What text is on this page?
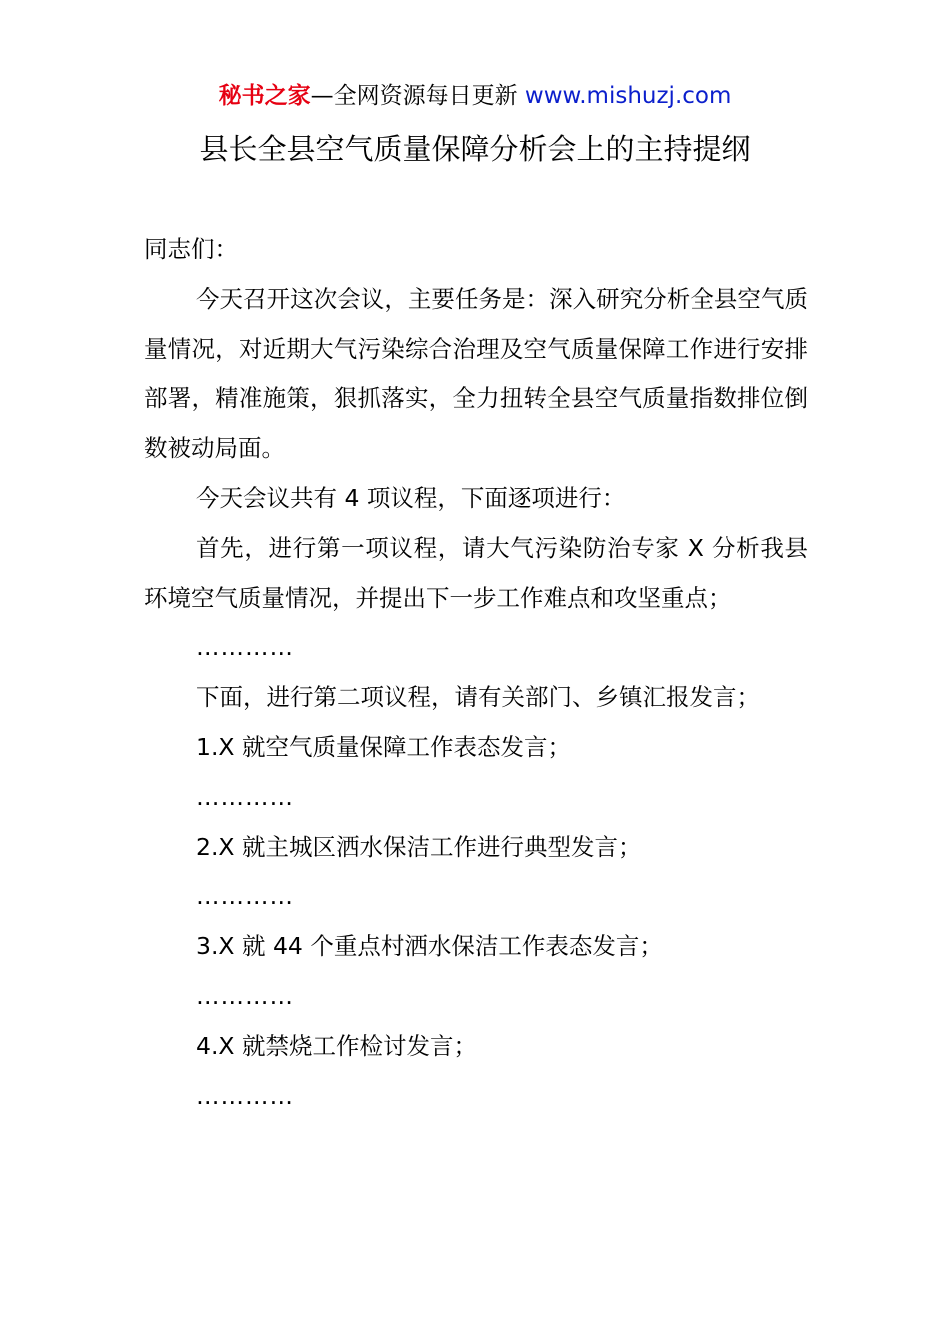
秘书之家—全网资源每日更新 www.mishuzj.com
县长全县空气质量保障分析会上的主持提纲

同志们：

今天召开这次会议，主要任务是：深入研究分析全县空气质量情况，对近期大气污染综合治理及空气质量保障工作进行安排部署，精准施策，狠抓落实，全力扭转全县空气质量指数排位倒数被动局面。

今天会议共有 4 项议程，下面逐项进行：

首先，进行第一项议程，请大气污染防治专家 X 分析我县环境空气质量情况，并提出下一步工作难点和攻坚重点；

…………

下面，进行第二项议程，请有关部门、乡镇汇报发言；

1.X 就空气质量保障工作表态发言；

…………

2.X 就主城区洒水保洁工作进行典型发言；

…………

3.X 就 44 个重点村洒水保洁工作表态发言；

…………

4.X 就禁烧工作检讨发言；

…………
